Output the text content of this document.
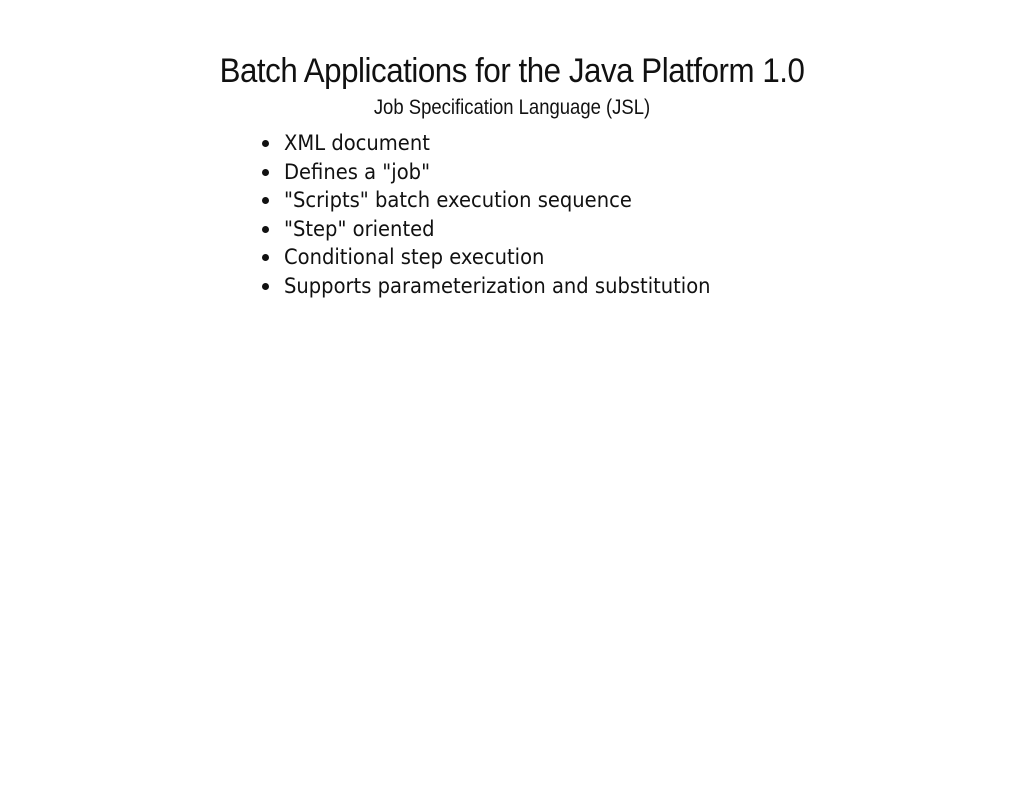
Batch Applications for the Java Platform 1.0
Job Specification Language (JSL)
XML document
Defines a "job"
"Scripts" batch execution sequence
"Step" oriented
Conditional step execution
Supports parameterization and substitution
